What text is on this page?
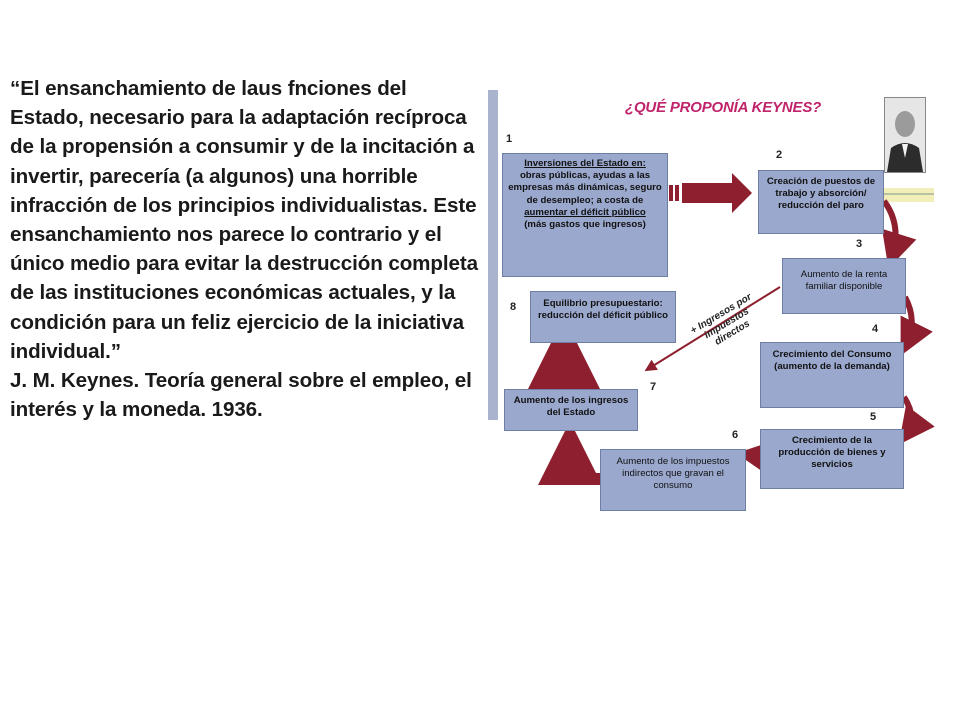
“El ensanchamiento de laus fnciones del Estado, necesario para la adaptación recíproca de la propensión a consumir y de la incitación a invertir, parecería (a algunos) una horrible infracción de los principios individualistas. Este ensanchamiento nos parece lo contrario y el único medio para evitar la destrucción completa de las instituciones económicas actuales, y la condición para un feliz ejercicio de la iniciativa individual.”

J. M. Keynes. Teoría general sobre el empleo, el interés y la moneda. 1936.

¿QUÉ PROPONÍA KEYNES?
1
Inversiones del Estado en:
obras públicas, ayudas a las empresas más dinámicas, seguro de desempleo; a costa de
aumentar el déficit público
(más gastos que ingresos)
2
Creación de puestos de trabajo y absorción/ reducción del paro
3
Aumento de la renta familiar disponible
4
Crecimiento del Consumo (aumento de la demanda)
5
Crecimiento de la producción de bienes y servicios
6
Aumento de los impuestos indirectos que gravan el consumo
7
Aumento de los ingresos del Estado
8	Equilibrio presupuestario: reducción del déficit público	+ Ingresos por impuestos directos
